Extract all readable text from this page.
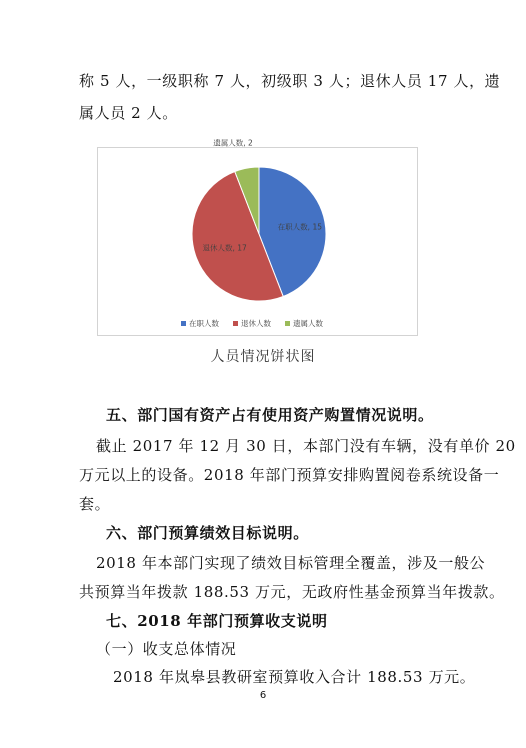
称 5 人，一级职称 7 人，初级职 3 人；退休人员 17 人，遗
属人员 2 人。
在职人数, 15
退休人数, 17
遗属人数, 2
在职人数	退休人数	遗属人数
人员情况饼状图
五、部门国有资产占有使用资产购置情况说明。
截止 2017 年 12 月 30 日，本部门没有车辆，没有单价 20
万元以上的设备。2018 年部门预算安排购置阅卷系统设备一
套。
六、部门预算绩效目标说明。
2018 年本部门实现了绩效目标管理全覆盖，涉及一般公
共预算当年拨款 188.53 万元，无政府性基金预算当年拨款。
七、2018 年部门预算收支说明
（一）收支总体情况
2018 年岚皋县教研室预算收入合计 188.53 万元。
6
